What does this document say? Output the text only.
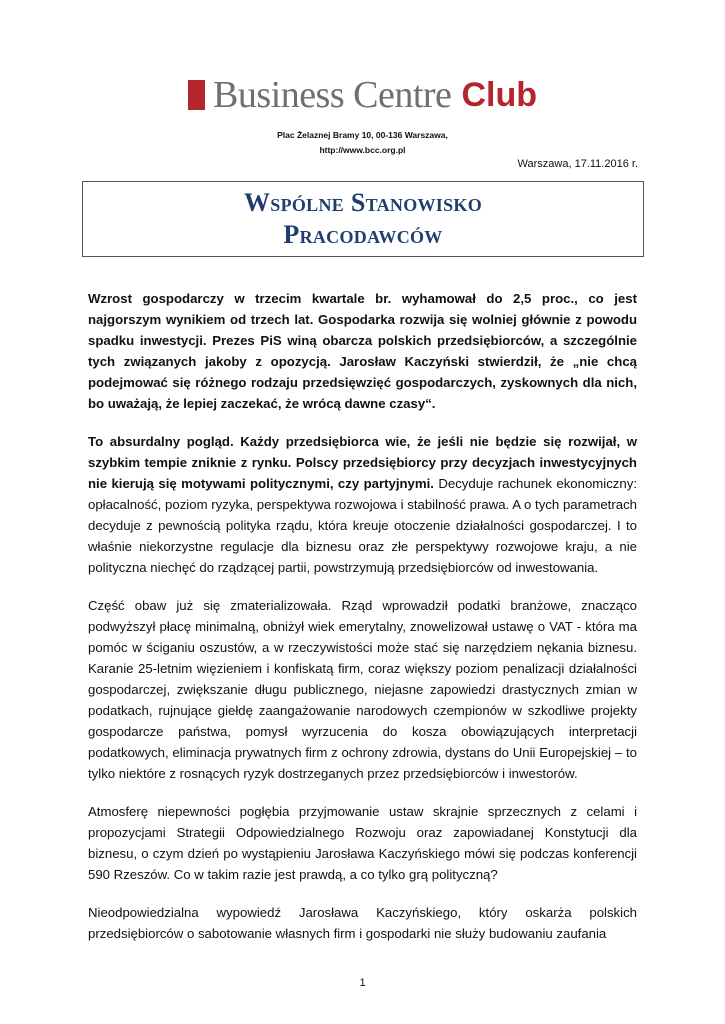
Business Centre Club
Plac Żelaznej Bramy 10, 00-136 Warszawa,
http://www.bcc.org.pl
Warszawa, 17.11.2016 r.
Wspólne Stanowisko
Pracodawców

Wzrost gospodarczy w trzecim kwartale br. wyhamował do 2,5 proc., co jest najgorszym wynikiem od trzech lat. Gospodarka rozwija się wolniej głównie z powodu spadku inwestycji. Prezes PiS winą obarcza polskich przedsiębiorców, a szczególnie tych związanych jakoby z opozycją. Jarosław Kaczyński stwierdził, że „nie chcą podejmować się różnego rodzaju przedsięwzięć gospodarczych, zyskownych dla nich, bo uważają, że lepiej zaczekać, że wrócą dawne czasy“.

To absurdalny pogląd. Każdy przedsiębiorca wie, że jeśli nie będzie się rozwijał, w szybkim tempie zniknie z rynku. Polscy przedsiębiorcy przy decyzjach inwestycyjnych nie kierują się motywami politycznymi, czy partyjnymi. Decyduje rachunek ekonomiczny: opłacalność, poziom ryzyka, perspektywa rozwojowa i stabilność prawa. A o tych parametrach decyduje z pewnością polityka rządu, która kreuje otoczenie działalności gospodarczej. I to właśnie niekorzystne regulacje dla biznesu oraz złe perspektywy rozwojowe kraju, a nie polityczna niechęć do rządzącej partii, powstrzymują przedsiębiorców od inwestowania.

Część obaw już się zmaterializowała. Rząd wprowadził podatki branżowe, znacząco podwyższył płacę minimalną, obniżył wiek emerytalny, znowelizował ustawę o VAT - która ma pomóc w ściganiu oszustów, a w rzeczywistości może stać się narzędziem nękania biznesu. Karanie 25-letnim więzieniem i konfiskatą firm, coraz większy poziom penalizacji działalności gospodarczej, zwiększanie długu publicznego, niejasne zapowiedzi drastycznych zmian w podatkach, rujnujące giełdę zaangażowanie narodowych czempionów w szkodliwe projekty gospodarcze państwa, pomysł wyrzucenia do kosza obowiązujących interpretacji podatkowych, eliminacja prywatnych firm z ochrony zdrowia, dystans do Unii Europejskiej – to tylko niektóre z rosnących ryzyk dostrzeganych przez przedsiębiorców i inwestorów.

Atmosferę niepewności pogłębia przyjmowanie ustaw skrajnie sprzecznych z celami i propozycjami Strategii Odpowiedzialnego Rozwoju oraz zapowiadanej Konstytucji dla biznesu, o czym dzień po wystąpieniu Jarosława Kaczyńskiego mówi się podczas konferencji 590 Rzeszów. Co w takim razie jest prawdą, a co tylko grą polityczną?

Nieodpowiedzialna wypowiedź Jarosława Kaczyńskiego, który oskarża polskich przedsiębiorców o sabotowanie własnych firm i gospodarki nie służy budowaniu zaufania

1
